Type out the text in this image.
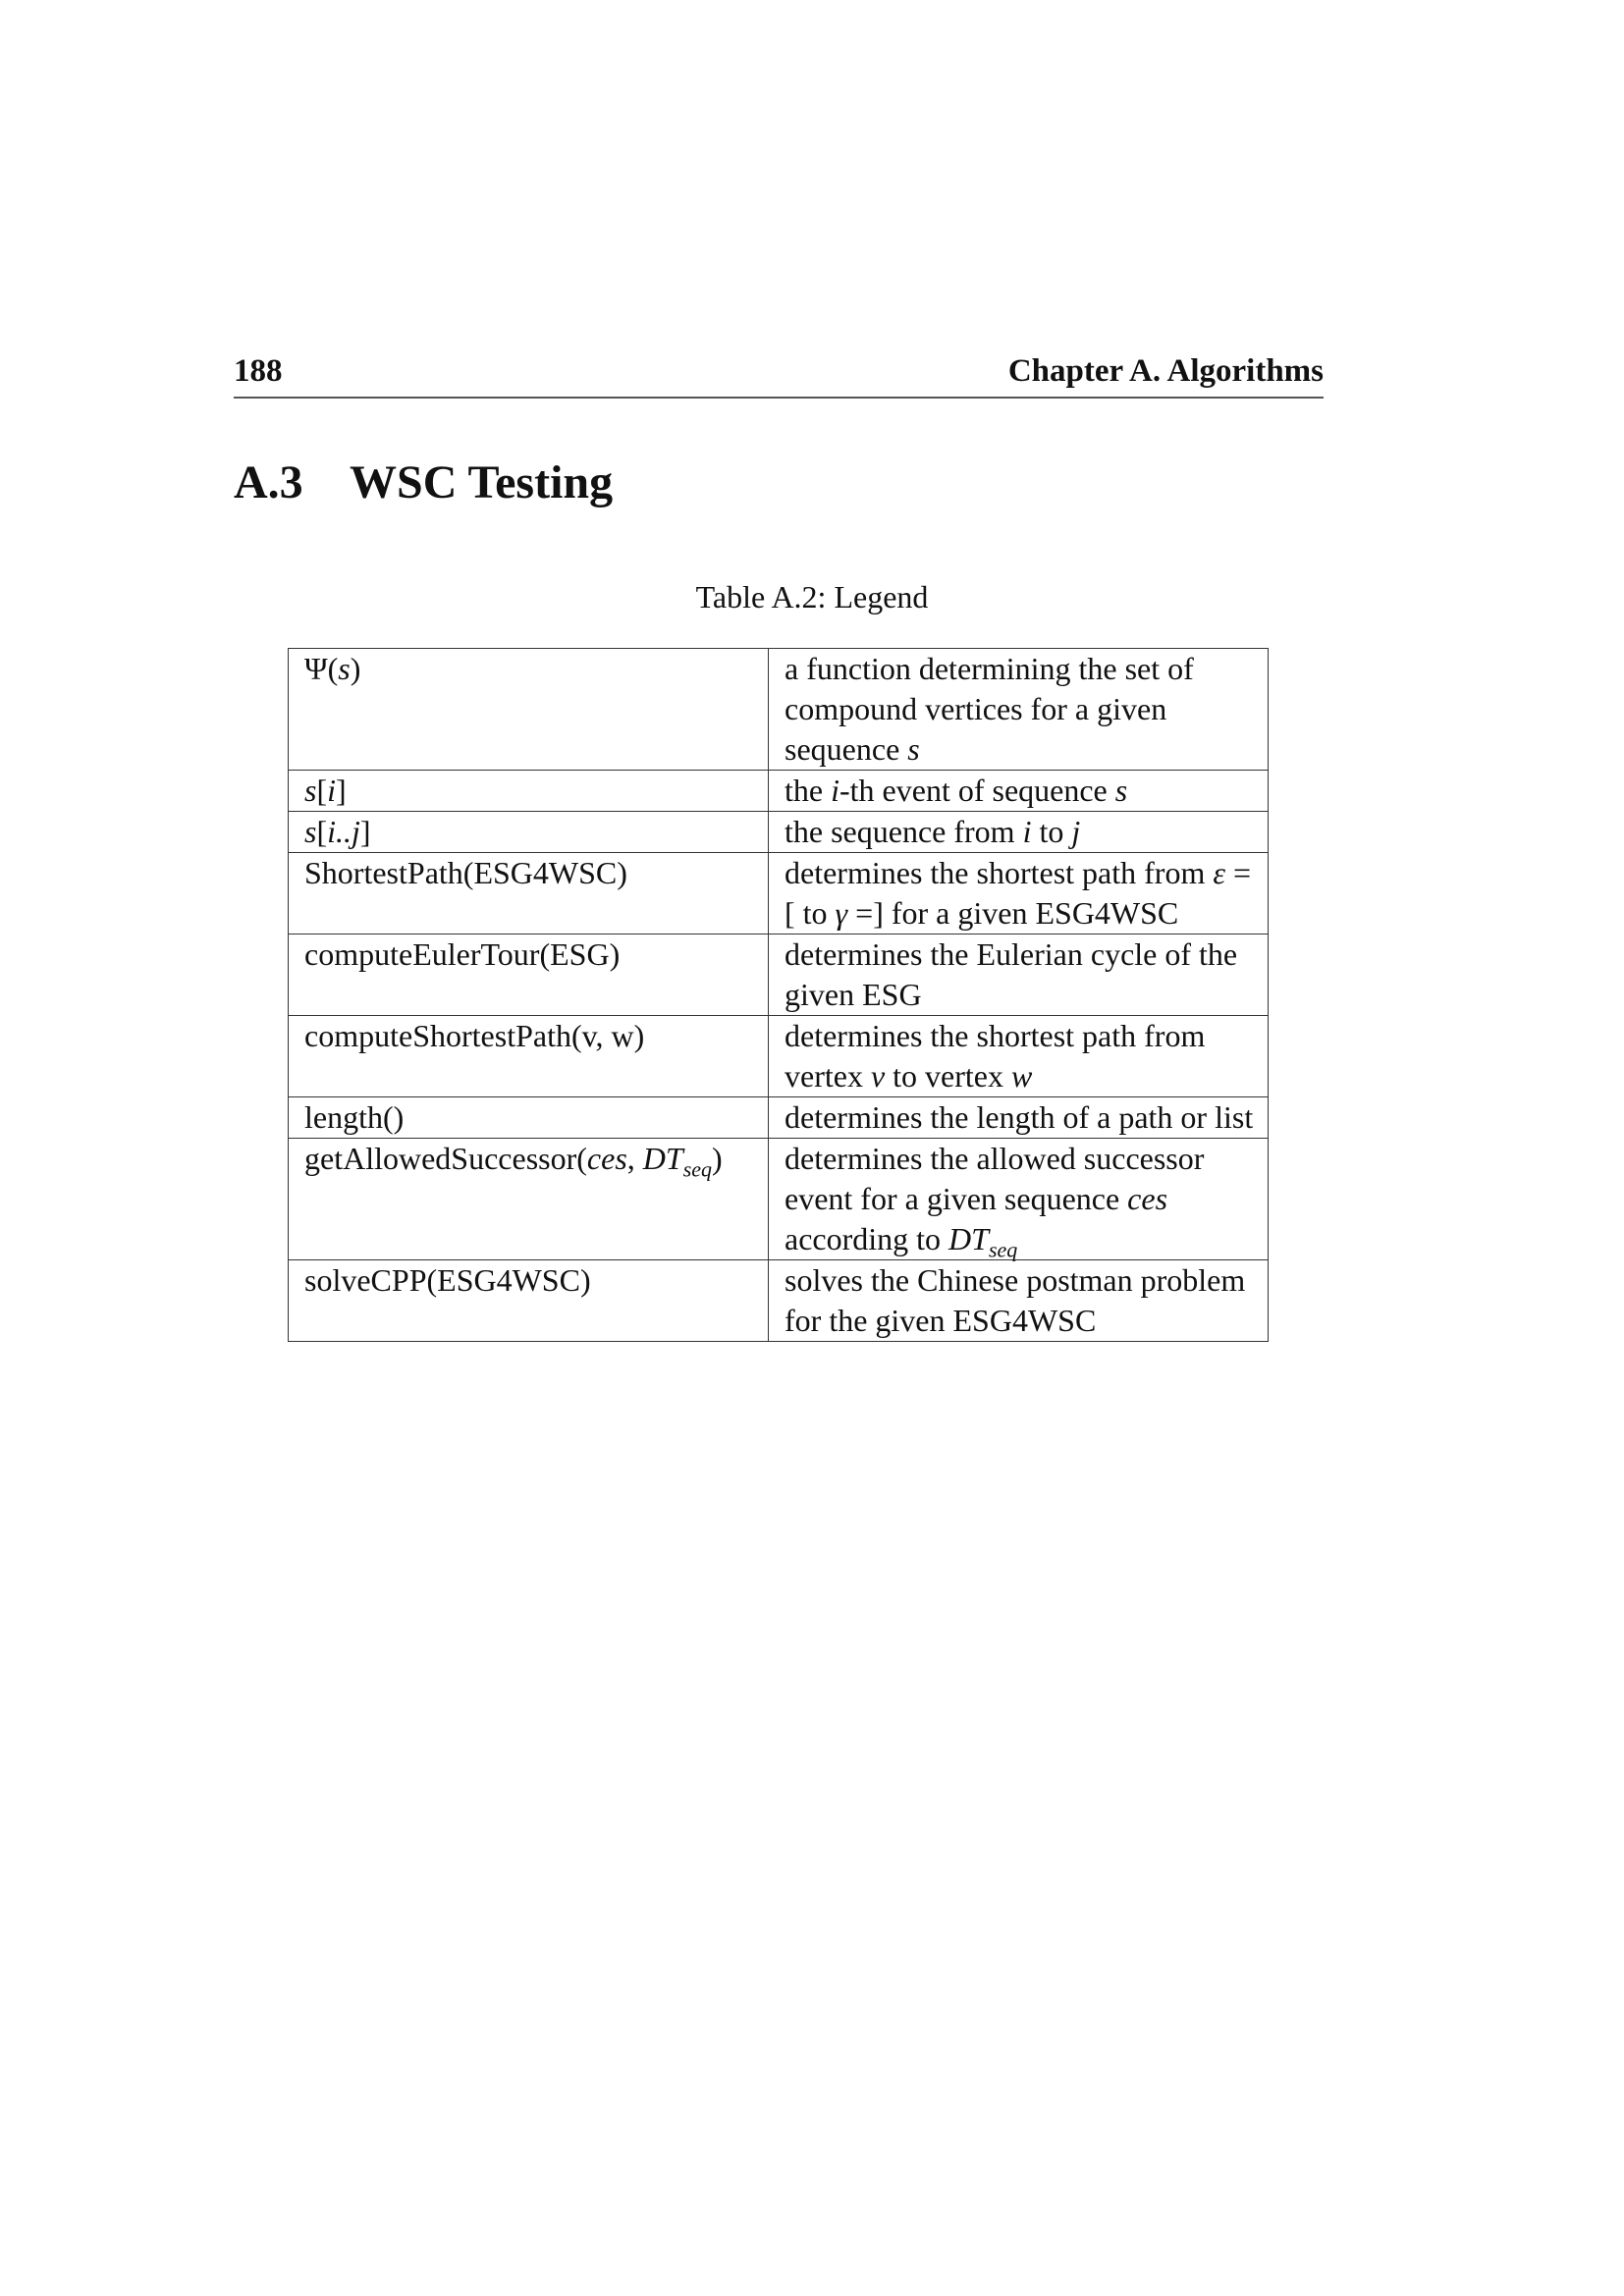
188	Chapter A. Algorithms
A.3 WSC Testing
Table A.2: Legend
Ψ(s)	a function determining the set of compound vertices for a given sequence s
s[i]	the i-th event of sequence s
s[i..j]	the sequence from i to j
ShortestPath(ESG4WSC)	determines the shortest path from ε = [ to γ =] for a given ESG4WSC
computeEulerTour(ESG)	determines the Eulerian cycle of the given ESG
computeShortestPath(v, w)	determines the shortest path from vertex v to vertex w
length()	determines the length of a path or list
getAllowedSuccessor(ces, $DT_{seq}$)	determines the allowed successor event for a given sequence ces according to $DT_{seq}$
solveCPP(ESG4WSC)	solves the Chinese postman problem for the given ESG4WSC
